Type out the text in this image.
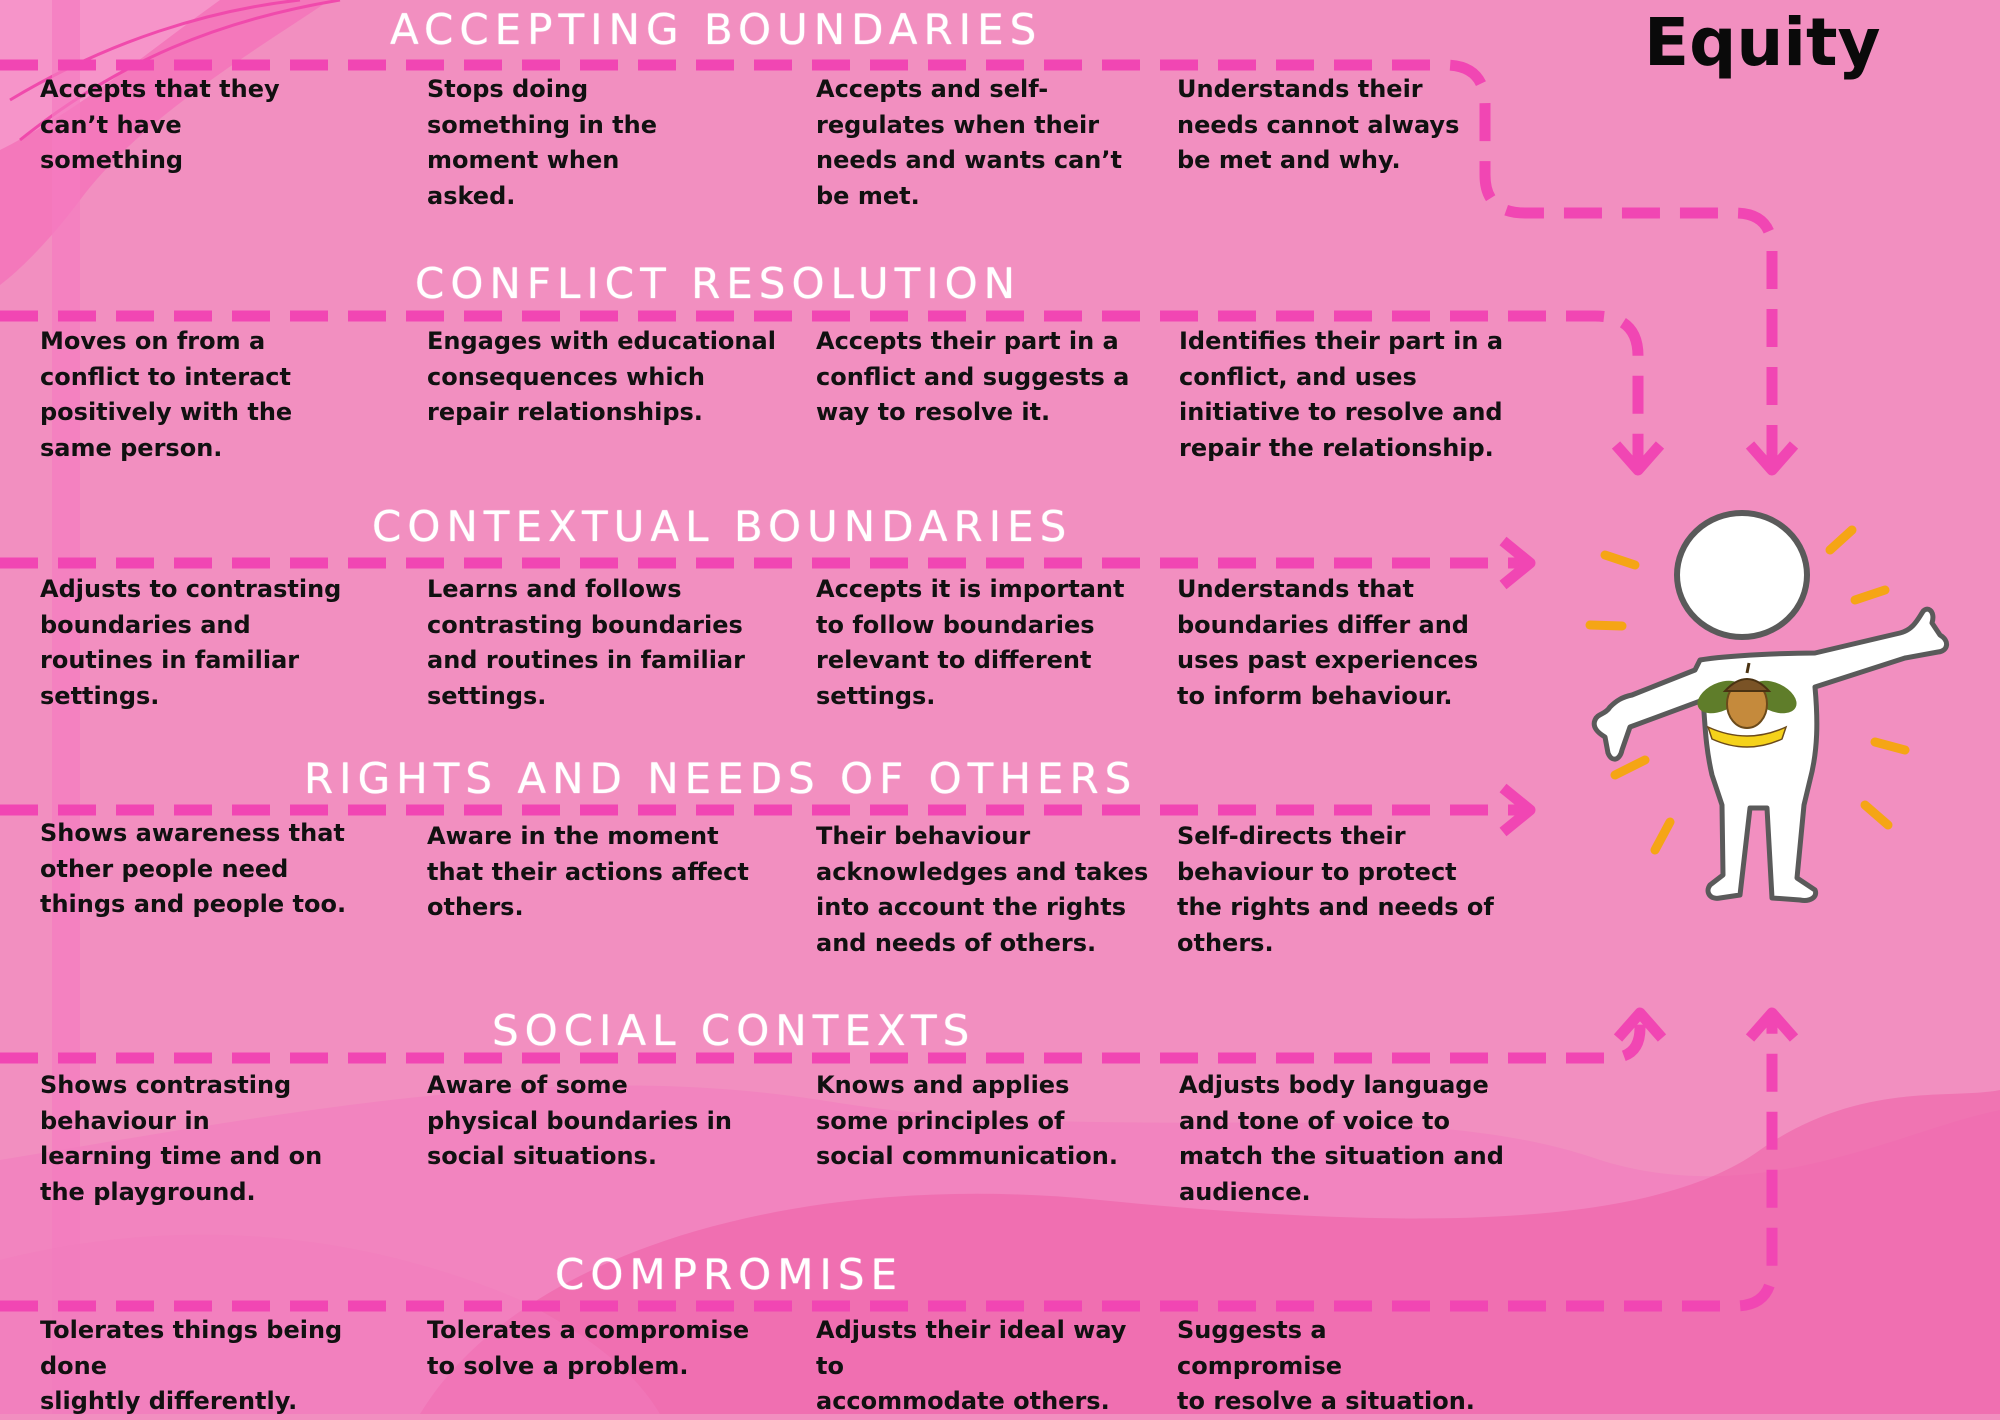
Equity
ACCEPTING BOUNDARIES

Accepts that they
can’t have
something

Stops doing
something in the
moment when
asked.

Accepts and self-
regulates when their
needs and wants can’t
be met.

Understands their
needs cannot always
be met and why.

CONFLICT RESOLUTION

Moves on from a
conflict to interact
positively with the
same person.

Engages with educational
consequences which
repair relationships.

Accepts their part in a
conflict and suggests a
way to resolve it.

Identifies their part in a
conflict, and uses
initiative to resolve and
repair the relationship.

CONTEXTUAL BOUNDARIES

Adjusts to contrasting
boundaries and
routines in familiar
settings.

Learns and follows
contrasting boundaries
and routines in familiar
settings.

Accepts it is important
to follow boundaries
relevant to different
settings.

Understands that
boundaries differ and
uses past experiences
to inform behaviour.

RIGHTS AND NEEDS OF OTHERS

Shows awareness that
other people need
things and people too.

Aware in the moment
that their actions affect
others.

Their behaviour
acknowledges and takes
into account the rights
and needs of others.

Self-directs their
behaviour to protect
the rights and needs of
others.

SOCIAL CONTEXTS

Shows contrasting
behaviour in
learning time and on
the playground.

Aware of some
physical boundaries in
social situations.

Knows and applies
some principles of
social communication.

Adjusts body language
and tone of voice to
match the situation and
audience.

COMPROMISE

Tolerates things being done
slightly differently.

Tolerates a compromise
to solve a problem.

Adjusts their ideal way to
accommodate others.

Suggests a compromise
to resolve a situation.
